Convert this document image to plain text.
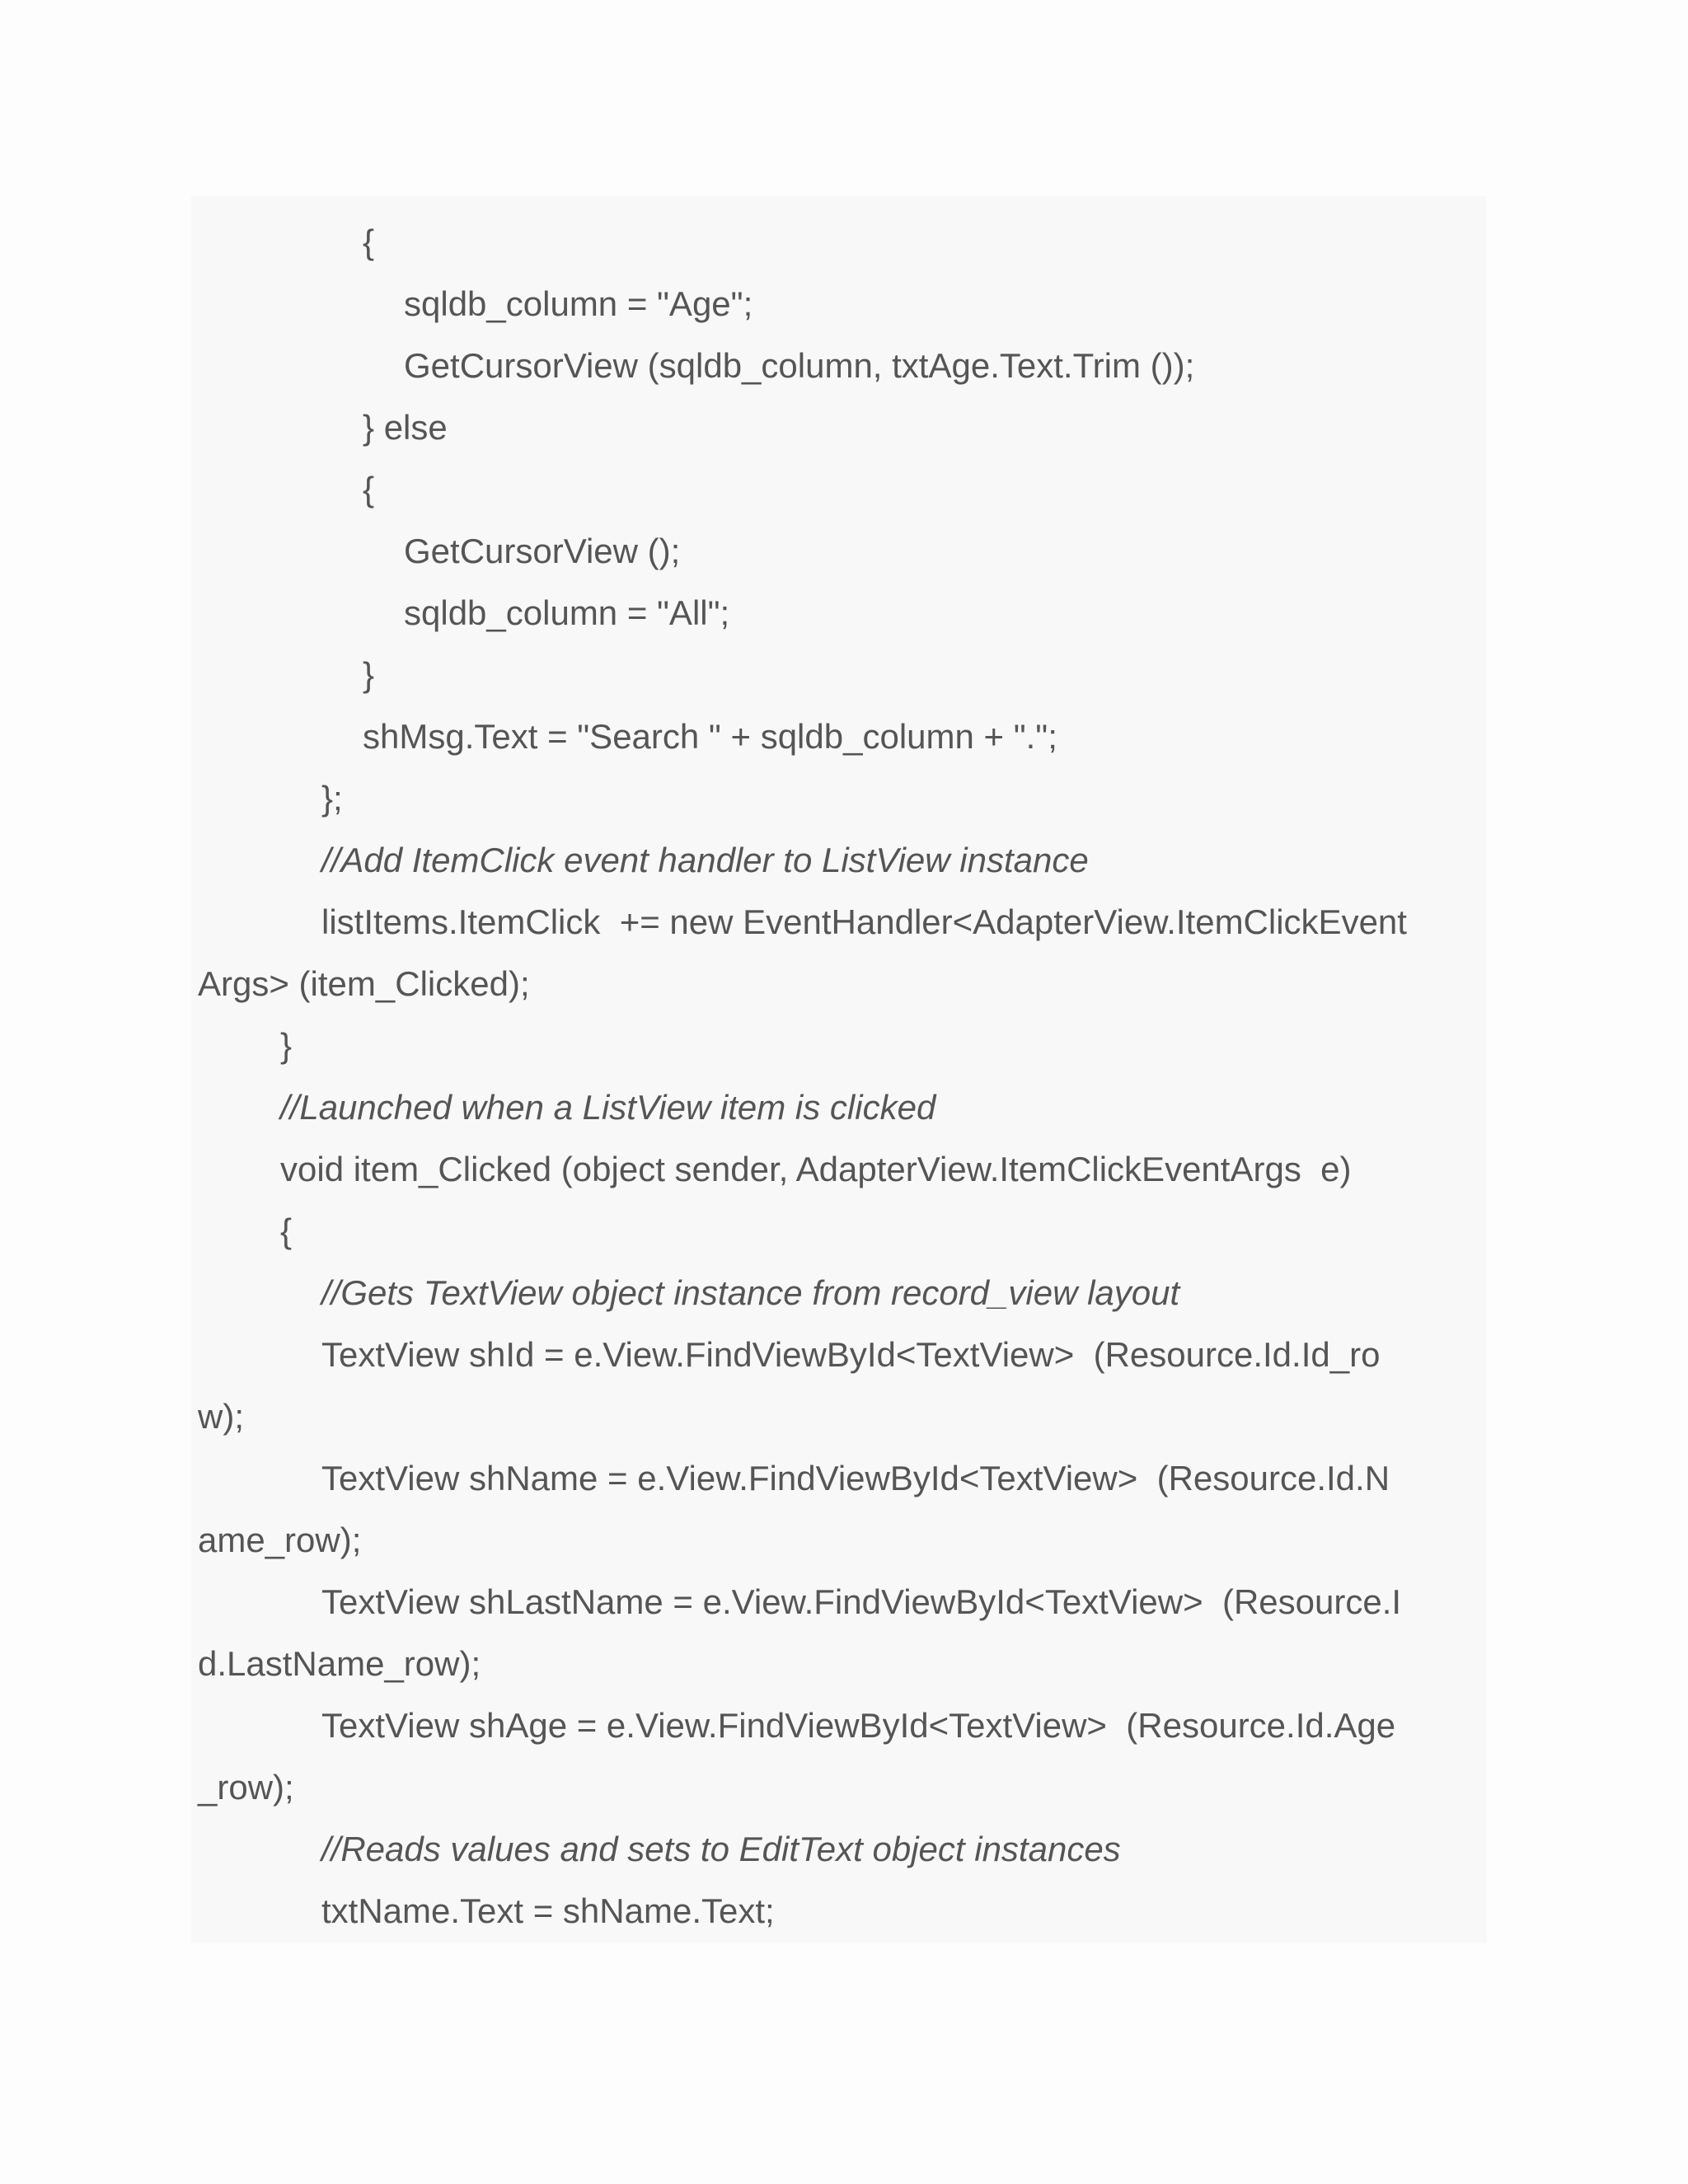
{
sqldb_column = "Age";
GetCursorView (sqldb_column, txtAge.Text.Trim ());
} else
{
GetCursorView ();
sqldb_column = "All";
}
shMsg.Text = "Search " + sqldb_column + ".";
};
//Add ItemClick event handler to ListView instance
listItems.ItemClick  += new EventHandler<AdapterView.ItemClickEvent
Args> (item_Clicked);
}
//Launched when a ListView item is clicked
void item_Clicked (object sender, AdapterView.ItemClickEventArgs  e)
{
//Gets TextView object instance from record_view layout
TextView shId = e.View.FindViewById<TextView>  (Resource.Id.Id_ro
w);
TextView shName = e.View.FindViewById<TextView>  (Resource.Id.N
ame_row);
TextView shLastName = e.View.FindViewById<TextView>  (Resource.I
d.LastName_row);
TextView shAge = e.View.FindViewById<TextView>  (Resource.Id.Age
_row);
//Reads values and sets to EditText object instances
txtName.Text = shName.Text;
